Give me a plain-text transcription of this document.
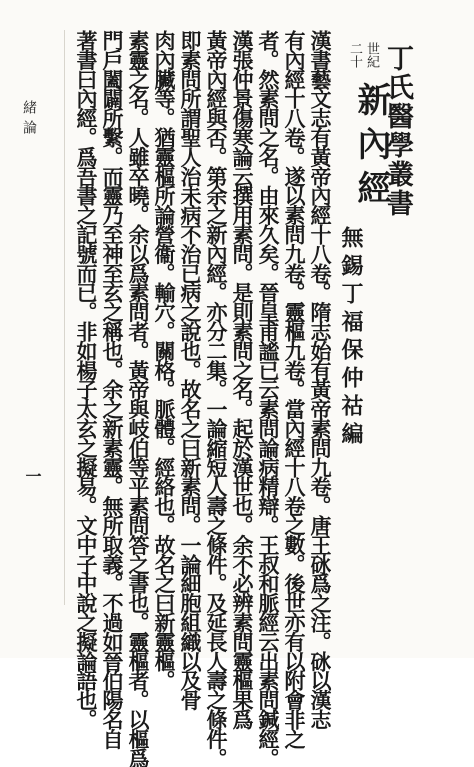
丁氏醫學叢書
二十 世紀
新內經
無錫丁福保仲祜編
漢書藝文志有黃帝內經十八卷。隋志始有黃帝素問九卷。唐王砯爲之注。砯以漢志
有內經十八卷。遂以素問九卷。靈樞九卷。當內經十八卷之數。後世亦有以附會非之
者。然素問之名。由來久矣。晉皇甫謐已云素問論病精辯。王叔和脈經云出素問鍼經。
漢張仲景傷寒論云撰用素問。是則素問之名。起於漢世也。余不必辨素問靈樞果爲
黃帝內經與否。第余之新內經。亦分二集。一論縮短人壽之條件。及延長人壽之條件。
即素問所謂聖人治未病不治已病之說也。故名之曰新素問。一論細胞組織以及骨
肉內臟等。猶靈樞所論營衞。輸穴。關格。脈體。經絡也。故名之曰新靈樞。
素靈之名。人雖卒曉。余以爲素問者。黃帝與岐伯等平素問答之書也。靈樞者。以樞爲
門戶闔闢所繫。而靈乃至神至玄之稱也。余之新素靈。無所取義。不過如晉伯陽名自
著書曰內經。爲吾書之記號而已。非如楊子太玄之擬易。文中子中說之擬論語也。
緒論
一
